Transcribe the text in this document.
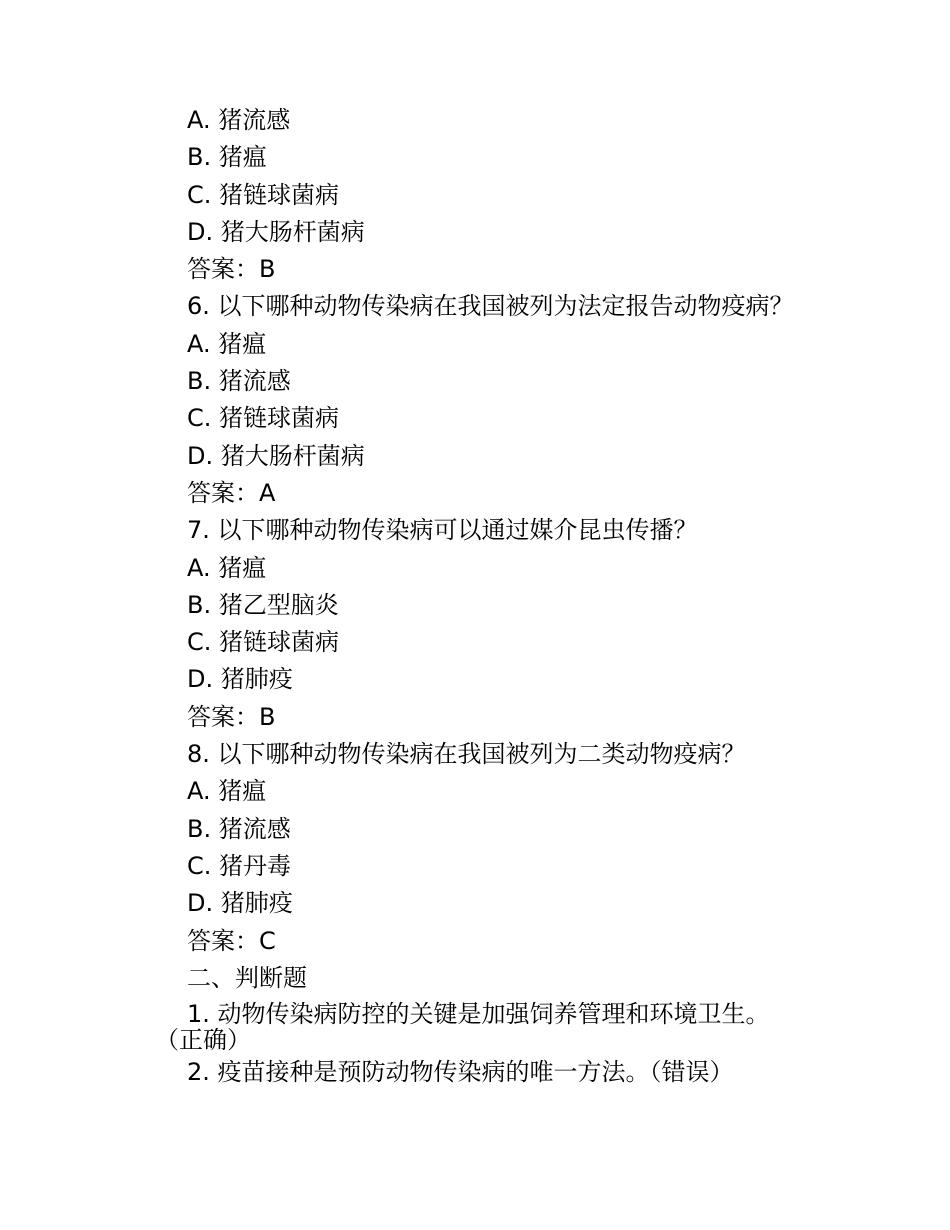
A. 猪流感
B. 猪瘟
C. 猪链球菌病
D. 猪大肠杆菌病
答案：B
6. 以下哪种动物传染病在我国被列为法定报告动物疫病？
A. 猪瘟
B. 猪流感
C. 猪链球菌病
D. 猪大肠杆菌病
答案：A
7. 以下哪种动物传染病可以通过媒介昆虫传播？
A. 猪瘟
B. 猪乙型脑炎
C. 猪链球菌病
D. 猪肺疫
答案：B
8. 以下哪种动物传染病在我国被列为二类动物疫病？
A. 猪瘟
B. 猪流感
C. 猪丹毒
D. 猪肺疫
答案：C
二、判断题
1. 动物传染病防控的关键是加强饲养管理和环境卫生。
（正确）
2. 疫苗接种是预防动物传染病的唯一方法。（错误）
